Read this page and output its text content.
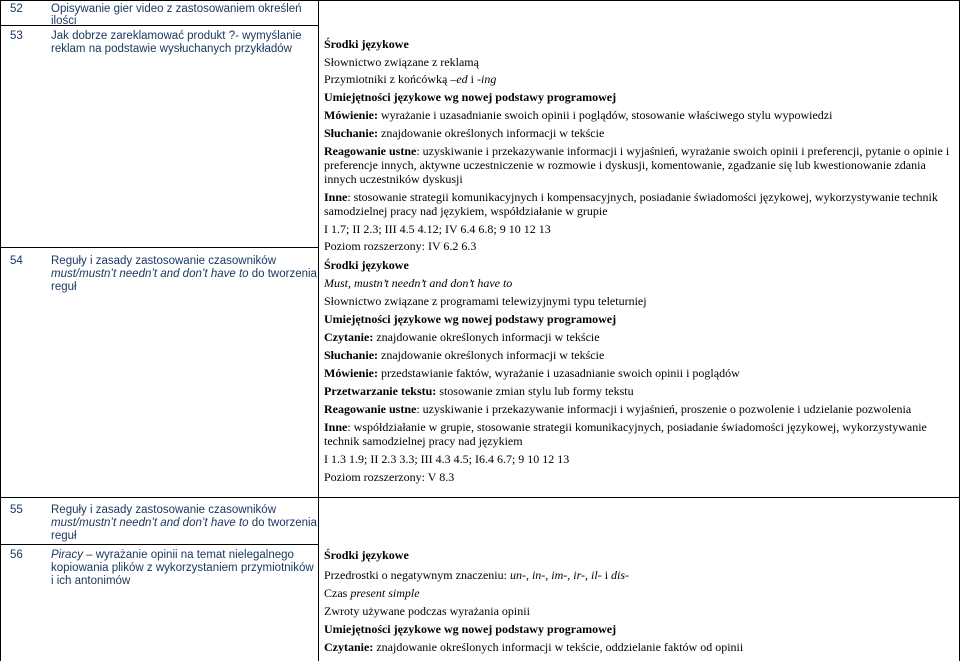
52 Opisywanie gier video z zastosowaniem określeń
ilości
53 Jak dobrze zareklamować produkt ?- wymyślanie
reklam na podstawie wysłuchanych przykładów
54 Reguły i zasady zastosowanie czasowników
must/mustn’t needn’t and don’t have to do tworzenia
reguł
55 Reguły i zasady zastosowanie czasowników
must/mustn’t needn’t and don’t have to do tworzenia
reguł
56 Piracy – wyrażanie opinii na temat nielegalnego
kopiowania plików z wykorzystaniem przymiotników
i ich antonimów
Środki językowe
Słownictwo związane z reklamą
Przymiotniki z końcówką –ed i -ing
Umiejętności językowe wg nowej podstawy programowej
Mówienie: wyrażanie i uzasadnianie swoich opinii i poglądów, stosowanie właściwego stylu wypowiedzi
Słuchanie: znajdowanie określonych informacji w tekście
Reagowanie ustne: uzyskiwanie i przekazywanie informacji i wyjaśnień, wyrażanie swoich opinii i preferencji, pytanie o opinie i
preferencje innych, aktywne uczestniczenie w rozmowie i dyskusji, komentowanie, zgadzanie się lub kwestionowanie zdania
innych uczestników dyskusji
Inne: stosowanie strategii komunikacyjnych i kompensacyjnych, posiadanie świadomości językowej, wykorzystywanie technik
samodzielnej pracy nad językiem, współdziałanie w grupie
I 1.7; II 2.3; III 4.5 4.12; IV 6.4 6.8; 9 10 12 13
Poziom rozszerzony: IV 6.2 6.3
Środki językowe
Must, mustn’t needn’t and don’t have to
Słownictwo związane z programami telewizyjnymi typu teleturniej
Umiejętności językowe wg nowej podstawy programowej
Czytanie: znajdowanie określonych informacji w tekście
Słuchanie: znajdowanie określonych informacji w tekście
Mówienie: przedstawianie faktów, wyrażanie i uzasadnianie swoich opinii i poglądów
Przetwarzanie tekstu: stosowanie zmian stylu lub formy tekstu
Reagowanie ustne: uzyskiwanie i przekazywanie informacji i wyjaśnień, proszenie o pozwolenie i udzielanie pozwolenia
Inne: współdziałanie w grupie, stosowanie strategii komunikacyjnych, posiadanie świadomości językowej, wykorzystywanie
technik samodzielnej pracy nad językiem
I 1.3 1.9; II 2.3 3.3; III 4.3 4.5; I6.4 6.7; 9 10 12 13
Poziom rozszerzony: V 8.3
Środki językowe
Przedrostki o negatywnym znaczeniu: un-, in-, im-, ir-, il- i dis-
Czas present simple
Zwroty używane podczas wyrażania opinii
Umiejętności językowe wg nowej podstawy programowej
Czytanie: znajdowanie określonych informacji w tekście, oddzielanie faktów od opinii
